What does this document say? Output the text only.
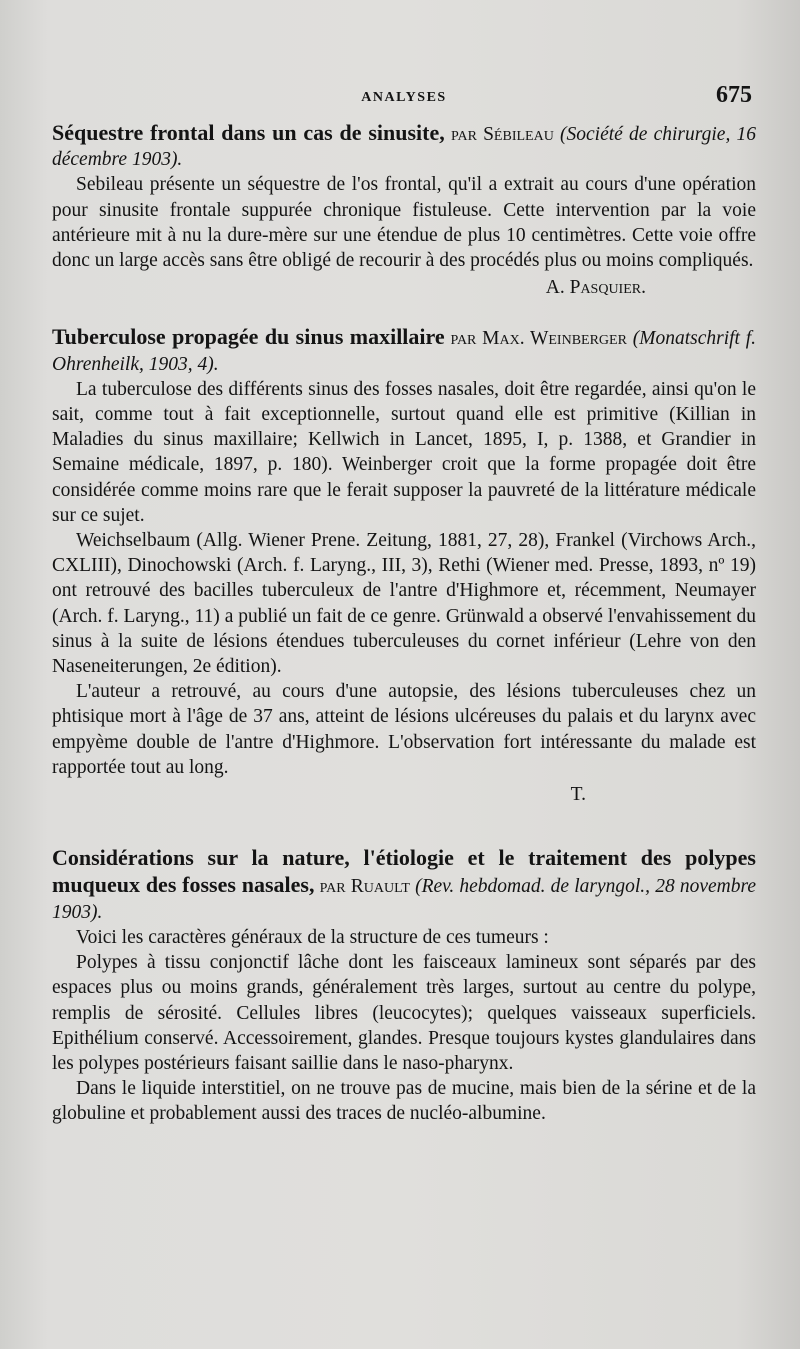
ANALYSES	675

Séquestre frontal dans un cas de sinusite, par Sébileau (Société de chirurgie, 16 décembre 1903).

Sebileau présente un séquestre de l'os frontal, qu'il a extrait au cours d'une opération pour sinusite frontale suppurée chronique fistuleuse. Cette intervention par la voie antérieure mit à nu la dure-mère sur une étendue de plus 10 centimètres. Cette voie offre donc un large accès sans être obligé de recourir à des procédés plus ou moins compliqués.

A. Pasquier.

Tuberculose propagée du sinus maxillaire par Max. Weinberger (Monatschrift f. Ohrenheilk, 1903, 4).

La tuberculose des différents sinus des fosses nasales, doit être regardée, ainsi qu'on le sait, comme tout à fait exceptionnelle, surtout quand elle est primitive (Killian in Maladies du sinus maxillaire; Kellwich in Lancet, 1895, I, p. 1388, et Grandier in Semaine médicale, 1897, p. 180). Weinberger croit que la forme propagée doit être considérée comme moins rare que le ferait supposer la pauvreté de la littérature médicale sur ce sujet.

Weichselbaum (Allg. Wiener Prene. Zeitung, 1881, 27, 28), Frankel (Virchows Arch., CXLIII), Dinochowski (Arch. f. Laryng., III, 3), Rethi (Wiener med. Presse, 1893, nº 19) ont retrouvé des bacilles tuberculeux de l'antre d'Highmore et, récemment, Neumayer (Arch. f. Laryng., 11) a publié un fait de ce genre. Grünwald a observé l'envahissement du sinus à la suite de lésions étendues tuberculeuses du cornet inférieur (Lehre von den Naseneiterungen, 2e édition).

L'auteur a retrouvé, au cours d'une autopsie, des lésions tuberculeuses chez un phtisique mort à l'âge de 37 ans, atteint de lésions ulcéreuses du palais et du larynx avec empyème double de l'antre d'Highmore. L'observation fort intéressante du malade est rapportée tout au long.

T.

Considérations sur la nature, l'étiologie et le traitement des polypes muqueux des fosses nasales, par Ruault (Rev. hebdomad. de laryngol., 28 novembre 1903).

Voici les caractères généraux de la structure de ces tumeurs :

Polypes à tissu conjonctif lâche dont les faisceaux lamineux sont séparés par des espaces plus ou moins grands, généralement très larges, surtout au centre du polype, remplis de sérosité. Cellules libres (leucocytes); quelques vaisseaux superficiels. Epithélium conservé. Accessoirement, glandes. Presque toujours kystes glandulaires dans les polypes postérieurs faisant saillie dans le naso-pharynx.

Dans le liquide interstitiel, on ne trouve pas de mucine, mais bien de la sérine et de la globuline et probablement aussi des traces de nucléo-albumine.
